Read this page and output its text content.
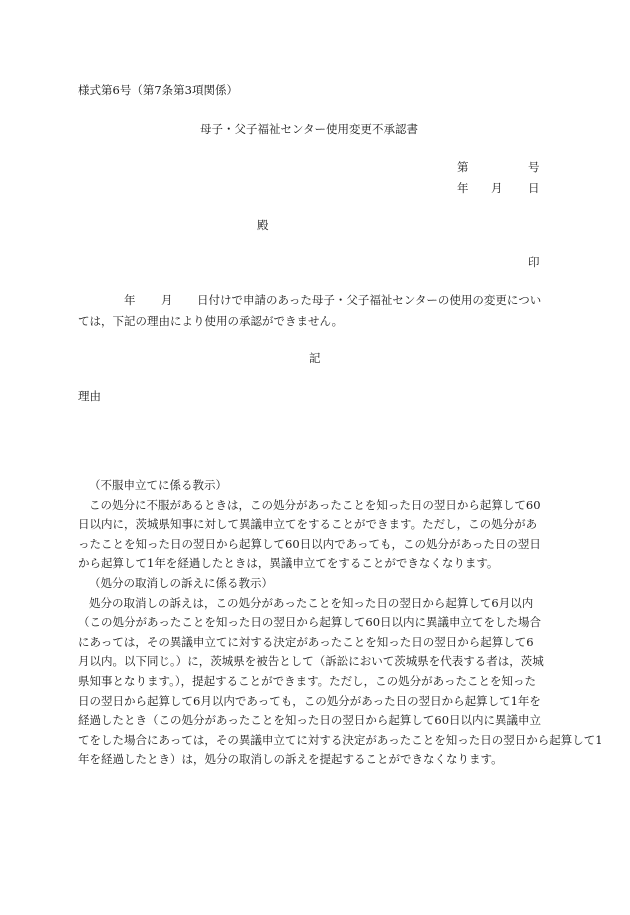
様式第6号（第7条第3項関係）
母子・父子福祉センター使用変更不承認書
第	号
年 月 日
殿
印
年 月 日付けで申請のあった母子・父子福祉センターの使用の変更につい
ては，下記の理由により使用の承認ができません。
記
理由
（不服申立てに係る教示）
この処分に不服があるときは，この処分があったことを知った日の翌日から起算して60
日以内に，茨城県知事に対して異議申立てをすることができます。ただし，この処分があ
ったことを知った日の翌日から起算して60日以内であっても，この処分があった日の翌日
から起算して1年を経過したときは，異議申立てをすることができなくなります。
（処分の取消しの訴えに係る教示）
処分の取消しの訴えは，この処分があったことを知った日の翌日から起算して6月以内
（この処分があったことを知った日の翌日から起算して60日以内に異議申立てをした場合
にあっては，その異議申立てに対する決定があったことを知った日の翌日から起算して6
月以内。以下同じ。）に，茨城県を被告として（訴訟において茨城県を代表する者は，茨城
県知事となります。），提起することができます。ただし，この処分があったことを知った
日の翌日から起算して6月以内であっても，この処分があった日の翌日から起算して1年を
経過したとき（この処分があったことを知った日の翌日から起算して60日以内に異議申立
てをした場合にあっては，その異議申立てに対する決定があったことを知った日の翌日から起算して1
年を経過したとき）は，処分の取消しの訴えを提起することができなくなります。
